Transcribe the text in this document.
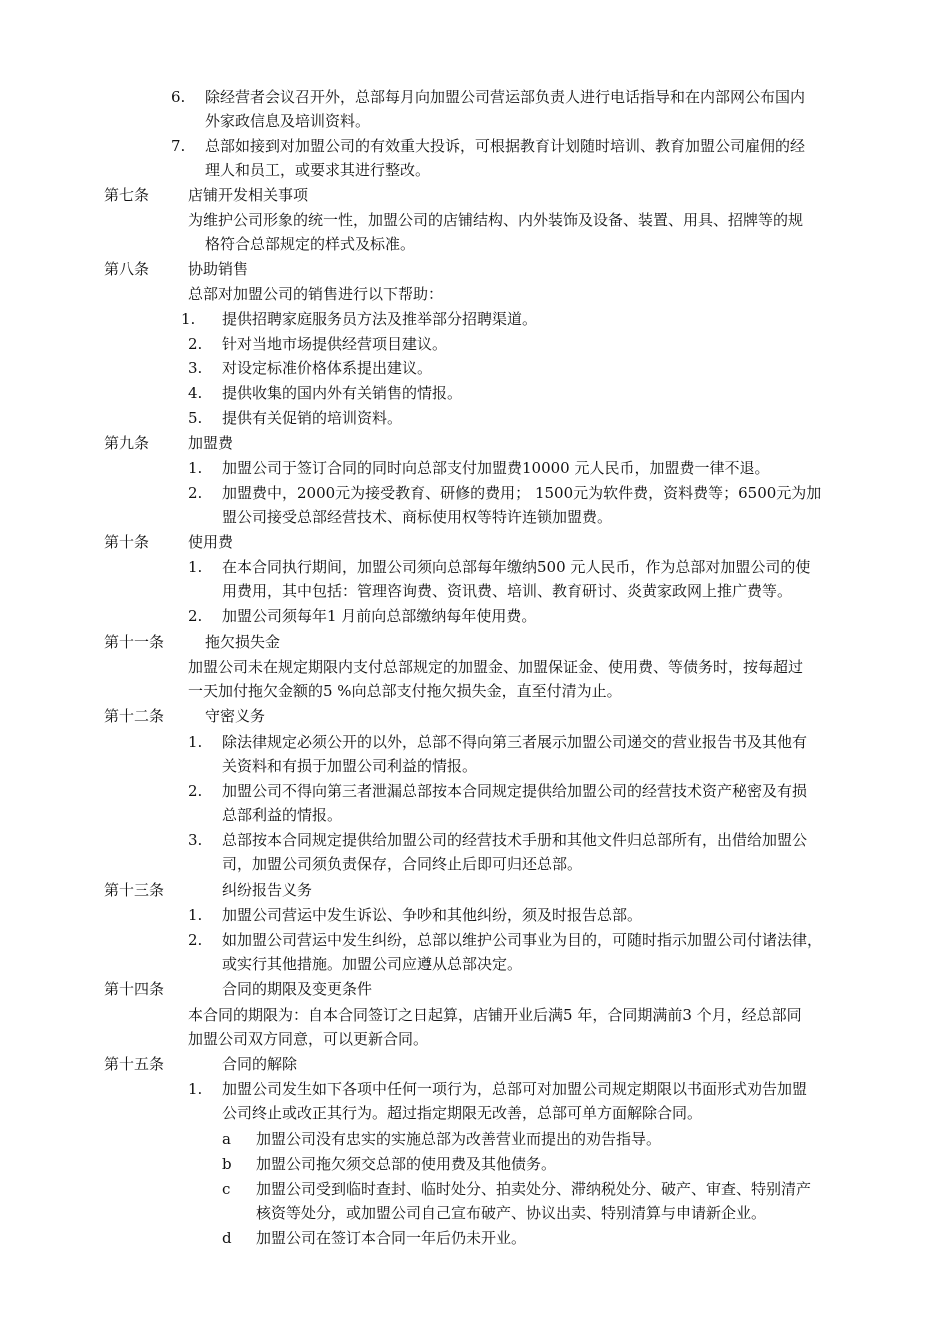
6. 除经营者会议召开外，总部每月向加盟公司营运部负责人进行电话指导和在内部网公布国内
外家政信息及培训资料。
7. 总部如接到对加盟公司的有效重大投诉，可根据教育计划随时培训、教育加盟公司雇佣的经
理人和员工，或要求其进行整改。
第七条	店铺开发相关事项
为维护公司形象的统一性，加盟公司的店铺结构、内外装饰及设备、装置、用具、招牌等的规
格符合总部规定的样式及标准。
第八条	协助销售
总部对加盟公司的销售进行以下帮助：
1. 提供招聘家庭服务员方法及推举部分招聘渠道。
2. 针对当地市场提供经营项目建议。
3. 对设定标准价格体系提出建议。
4. 提供收集的国内外有关销售的情报。
5. 提供有关促销的培训资料。
第九条	加盟费
1. 加盟公司于签订合同的同时向总部支付加盟费10000 元人民币，加盟费一律不退。
2. 加盟费中，2000元为接受教育、研修的费用； 1500元为软件费，资料费等；6500元为加
盟公司接受总部经营技术、商标使用权等特许连锁加盟费。
第十条	使用费
1. 在本合同执行期间，加盟公司须向总部每年缴纳500 元人民币，作为总部对加盟公司的使
用费用，其中包括：管理咨询费、资讯费、培训、教育研讨、炎黄家政网上推广费等。
2. 加盟公司须每年1 月前向总部缴纳每年使用费。
第十一条	拖欠损失金
加盟公司未在规定期限内支付总部规定的加盟金、加盟保证金、使用费、等债务时，按每超过
一天加付拖欠金额的5 %向总部支付拖欠损失金，直至付清为止。
第十二条	守密义务
1. 除法律规定必须公开的以外，总部不得向第三者展示加盟公司递交的营业报告书及其他有
关资料和有损于加盟公司利益的情报。
2. 加盟公司不得向第三者泄漏总部按本合同规定提供给加盟公司的经营技术资产秘密及有损
总部利益的情报。
3. 总部按本合同规定提供给加盟公司的经营技术手册和其他文件归总部所有，出借给加盟公
司，加盟公司须负责保存，合同终止后即可归还总部。
第十三条	纠纷报告义务
1. 加盟公司营运中发生诉讼、争吵和其他纠纷，须及时报告总部。
2. 如加盟公司营运中发生纠纷，总部以维护公司事业为目的，可随时指示加盟公司付诸法律，
或实行其他措施。加盟公司应遵从总部决定。
第十四条	合同的期限及变更条件
本合同的期限为：自本合同签订之日起算，店铺开业后满5 年，合同期满前3 个月，经总部同
加盟公司双方同意，可以更新合同。
第十五条	合同的解除
1. 加盟公司发生如下各项中任何一项行为，总部可对加盟公司规定期限以书面形式劝告加盟
公司终止或改正其行为。超过指定期限无改善，总部可单方面解除合同。
a 加盟公司没有忠实的实施总部为改善营业而提出的劝告指导。
b 加盟公司拖欠须交总部的使用费及其他债务。
c 加盟公司受到临时查封、临时处分、拍卖处分、滞纳税处分、破产、审查、特别清产
核资等处分，或加盟公司自己宣布破产、协议出卖、特别清算与申请新企业。
d 加盟公司在签订本合同一年后仍未开业。
